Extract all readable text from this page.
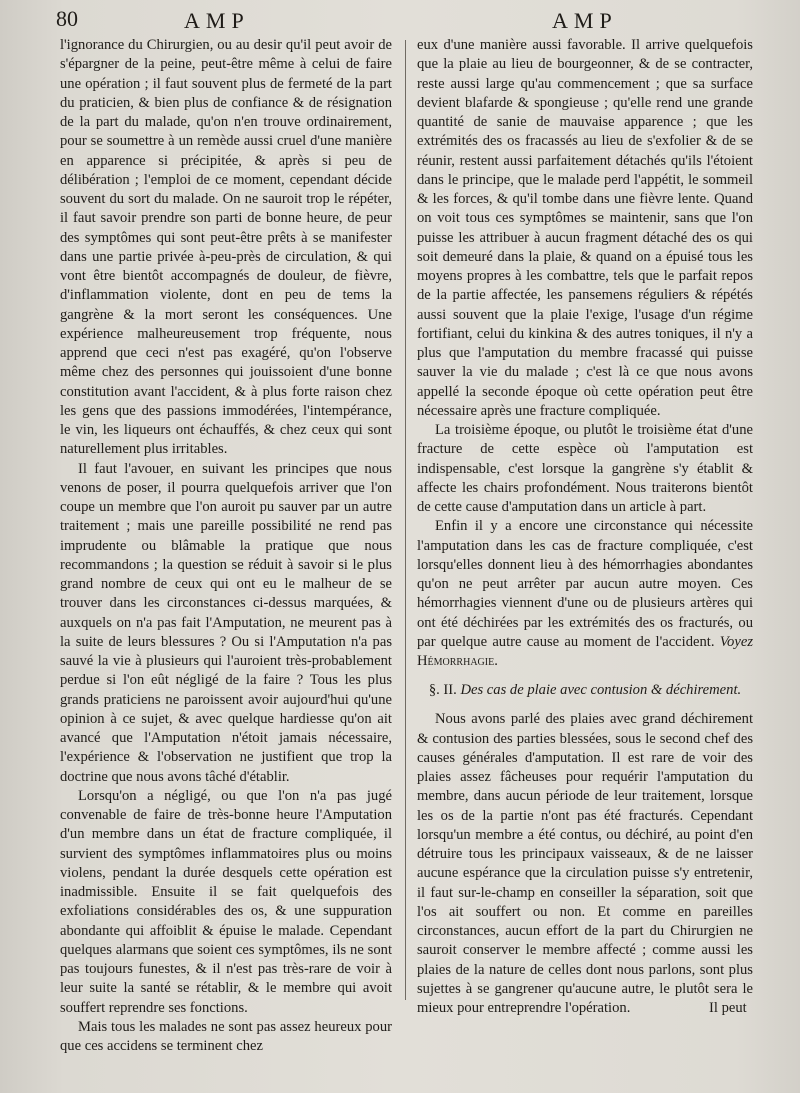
80	AMP	AMP

l'ignorance du Chirurgien, ou au desir qu'il peut avoir de s'épargner de la peine, peut-être même à celui de faire une opération ; il faut souvent plus de fermeté de la part du praticien, & bien plus de confiance & de résignation de la part du malade, qu'on n'en trouve ordinairement, pour se soumettre à un remède aussi cruel d'une manière en apparence si précipitée, & après si peu de délibération ; l'emploi de ce moment, cependant décide souvent du sort du malade. On ne sauroit trop le répéter, il faut savoir prendre son parti de bonne heure, de peur des symptômes qui sont peut-être prêts à se manifester dans une partie privée à-peu-près de circulation, & qui vont être bientôt accompagnés de douleur, de fièvre, d'inflammation violente, dont en peu de tems la gangrène & la mort seront les conséquences. Une expérience malheureusement trop fréquente, nous apprend que ceci n'est pas exagéré, qu'on l'observe même chez des personnes qui jouissoient d'une bonne constitution avant l'accident, & à plus forte raison chez les gens que des passions immodérées, l'intempérance, le vin, les liqueurs ont échauffés, & chez ceux qui sont naturellement plus irritables.

Il faut l'avouer, en suivant les principes que nous venons de poser, il pourra quelquefois arriver que l'on coupe un membre que l'on auroit pu sauver par un autre traitement ; mais une pareille possibilité ne rend pas imprudente ou blâmable la pratique que nous recommandons ; la question se réduit à savoir si le plus grand nombre de ceux qui ont eu le malheur de se trouver dans les circonstances ci-dessus marquées, & auxquels on n'a pas fait l'Amputation, ne meurent pas à la suite de leurs blessures ? Ou si l'Amputation n'a pas sauvé la vie à plusieurs qui l'auroient très-probablement perdue si l'on eût négligé de la faire ? Tous les plus grands praticiens ne paroissent avoir aujourd'hui qu'une opinion à ce sujet, & avec quelque hardiesse qu'on ait avancé que l'Amputation n'étoit jamais nécessaire, l'expérience & l'observation ne justifient que trop la doctrine que nous avons tâché d'établir.

Lorsqu'on a négligé, ou que l'on n'a pas jugé convenable de faire de très-bonne heure l'Amputation d'un membre dans un état de fracture compliquée, il survient des symptômes inflammatoires plus ou moins violens, pendant la durée desquels cette opération est inadmissible. Ensuite il se fait quelquefois des exfoliations considérables des os, & une suppuration abondante qui affoiblit & épuise le malade. Cependant quelques alarmans que soient ces symptômes, ils ne sont pas toujours funestes, & il n'est pas très-rare de voir à leur suite la santé se rétablir, & le membre qui avoit souffert reprendre ses fonctions.

Mais tous les malades ne sont pas assez heureux pour que ces accidens se terminent chez

eux d'une manière aussi favorable. Il arrive quelquefois que la plaie au lieu de bourgeonner, & de se contracter, reste aussi large qu'au commencement ; que sa surface devient blafarde & spongieuse ; qu'elle rend une grande quantité de sanie de mauvaise apparence ; que les extrémités des os fracassés au lieu de s'exfolier & de se réunir, restent aussi parfaitement détachés qu'ils l'étoient dans le principe, que le malade perd l'appétit, le sommeil & les forces, & qu'il tombe dans une fièvre lente. Quand on voit tous ces symptômes se maintenir, sans que l'on puisse les attribuer à aucun fragment détaché des os qui soit demeuré dans la plaie, & quand on a épuisé tous les moyens propres à les combattre, tels que le parfait repos de la partie affectée, les pansemens réguliers & répétés aussi souvent que la plaie l'exige, l'usage d'un régime fortifiant, celui du kinkina & des autres toniques, il n'y a plus que l'amputation du membre fracassé qui puisse sauver la vie du malade ; c'est là ce que nous avons appellé la seconde époque où cette opération peut être nécessaire après une fracture compliquée.

La troisième époque, ou plutôt le troisième état d'une fracture de cette espèce où l'amputation est indispensable, c'est lorsque la gangrène s'y établit & affecte les chairs profondément. Nous traiterons bientôt de cette cause d'amputation dans un article à part.

Enfin il y a encore une circonstance qui nécessite l'amputation dans les cas de fracture compliquée, c'est lorsqu'elles donnent lieu à des hémorrhagies abondantes qu'on ne peut arrêter par aucun autre moyen. Ces hémorrhagies viennent d'une ou de plusieurs artères qui ont été déchirées par les extrémités des os fracturés, ou par quelque autre cause au moment de l'accident. Voyez Hémorrhagie.

§. II. Des cas de plaie avec contusion & déchirement.

Nous avons parlé des plaies avec grand déchirement & contusion des parties blessées, sous le second chef des causes générales d'amputation. Il est rare de voir des plaies assez fâcheuses pour requérir l'amputation du membre, dans aucun période de leur traitement, lorsque les os de la partie n'ont pas été fracturés. Cependant lorsqu'un membre a été contus, ou déchiré, au point d'en détruire tous les principaux vaisseaux, & de ne laisser aucune espérance que la circulation puisse s'y entretenir, il faut sur-le-champ en conseiller la séparation, soit que l'os ait souffert ou non. Et comme en pareilles circonstances, aucun effort de la part du Chirurgien ne sauroit conserver le membre affecté ; comme aussi les plaies de la nature de celles dont nous parlons, sont plus sujettes à se gangrener qu'aucune autre, le plutôt sera le mieux pour entreprendre l'opération.	Il peut
